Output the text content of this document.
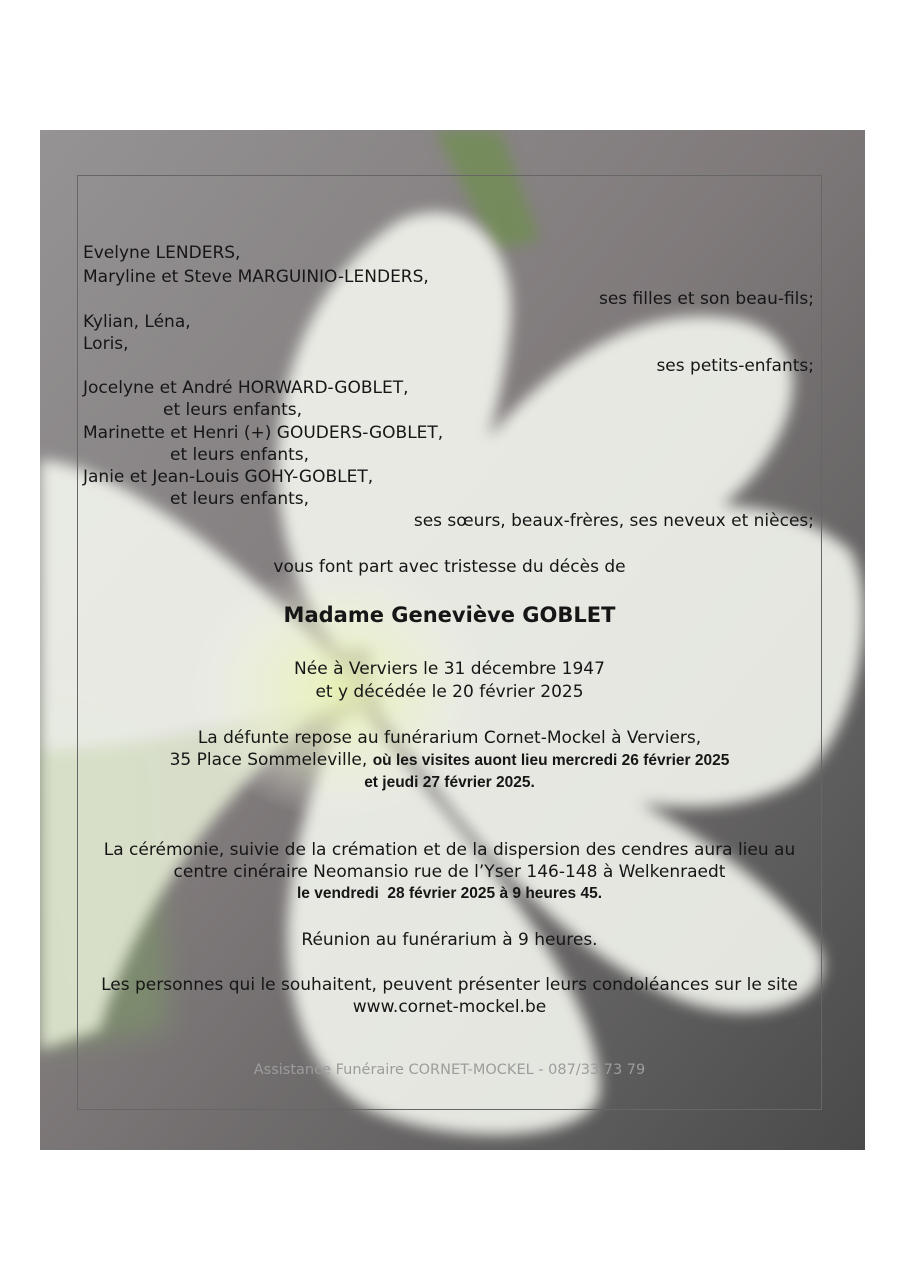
Evelyne LENDERS,
Maryline et Steve MARGUINIO-LENDERS,
ses filles et son beau-fils;
Kylian, Léna,
Loris,
ses petits-enfants;
Jocelyne et André HORWARD-GOBLET,
et leurs enfants,
Marinette et Henri (+) GOUDERS-GOBLET,
et leurs enfants,
Janie et Jean-Louis GOHY-GOBLET,
et leurs enfants,
ses sœurs, beaux-frères, ses neveux et nièces;
vous font part avec tristesse du décès de
Madame Geneviève GOBLET
Née à Verviers le 31 décembre 1947
et y décédée le 20 février 2025
La défunte repose au funérarium Cornet-Mockel à Verviers,
35 Place Sommeleville, où les visites auont lieu mercredi 26 février 2025
et jeudi 27 février 2025.
La cérémonie, suivie de la crémation et de la dispersion des cendres aura lieu au
centre cinéraire Neomansio rue de l’Yser 146-148 à Welkenraedt
le vendredi  28 février 2025 à 9 heures 45.
Réunion au funérarium à 9 heures.
Les personnes qui le souhaitent, peuvent présenter leurs condoléances sur le site
www.cornet-mockel.be
Assistance Funéraire CORNET-MOCKEL - 087/33 73 79
